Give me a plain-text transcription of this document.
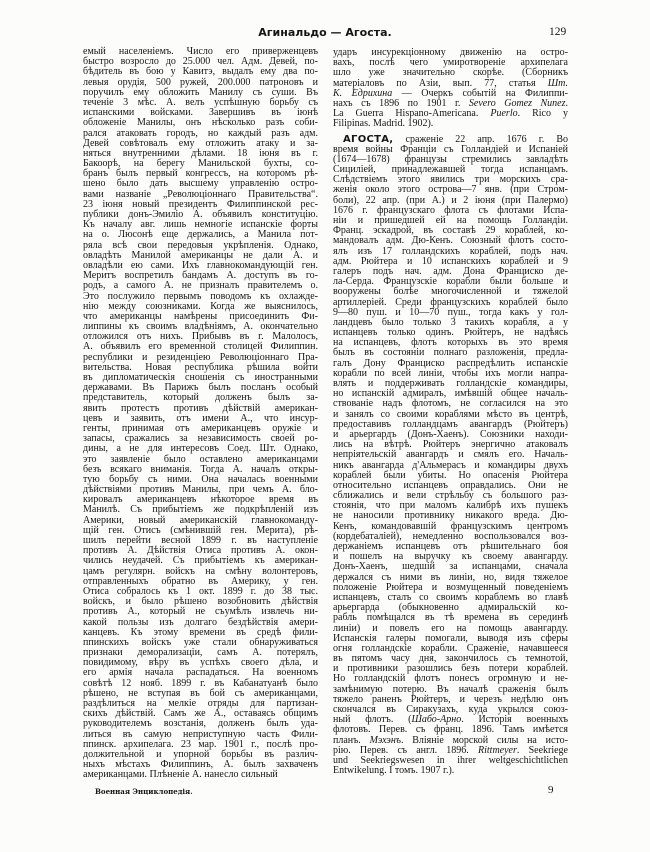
Агинальдо — Агоста.	129
емый населеніемъ. Число его приверженцевъ
быстро возросло до 25.000 чел. Адм. Девей, по-
бѣдитель въ бою у Кавитэ, выдалъ ему два по-
левыя орудія, 500 ружей, 200.000 патроновъ и
поручилъ ему обложить Манилу съ суши. Въ
теченіе 3 мѣс. А. велъ успѣшную борьбу съ
испанскими войсками. Завершивъ въ іюнѣ
обложеніе Манилы, онъ нѣсколько разъ соби-
рался атаковать городъ, но каждый разъ адм.
Девей совѣтовалъ ему отложить атаку и за-
няться внутренними дѣлами. 18 іюня въ г.
Бакоорѣ, на берегу Манильской бухты, со-
бранъ былъ первый конгрессъ, на которомъ рѣ-
шено было дать высшему управленію остро-
вами названіе „Революціоннаго Правительства“.
23 іюня новый президентъ Филиппинской рес-
публики донъ-Эмиліо А. объявилъ конституцію.
Къ началу авг. лишь немногіе испанскіе форты
на о. Люсонѣ еще держались, а Манила пот-
ряла всѣ свои передовыя укрѣпленія. Однако,
овладѣть Манилой американцы не дали А. и
овладѣли ею сами. Ихъ главнокомандующій ген.
Меритъ воспретилъ бандамъ А. доступъ въ го-
родъ, а самого А. не призналъ правителемъ о.
Это послужило первымъ поводомъ къ охлажде-
нію между союзниками. Когда же выяснилось,
что американцы намѣрены присоединить Фи-
липпины къ своимъ владѣніямъ, А. окончательно
отложился отъ нихъ. Прибывъ въ г. Малолосъ,
А. объявилъ его временной столицей Филиппин.
республики и резиденціею Революціоннаго Пра-
вительства. Новая республика рѣшила войти
въ дипломатическія сношенія съ иностранными
державами. Въ Парижъ былъ посланъ особый
представитель, который долженъ былъ за-
явить протестъ противъ дѣйствій американ-
цевъ и заявить, отъ имени А., что инсур-
генты, принимая отъ американцевъ оружіе и
запасы, сражались за независимость своей ро-
дины, а не для интересовъ Соед. Шт. Однако,
это заявленіе было оставлено американцами
безъ всякаго вниманія. Тогда А. началъ откры-
тую борьбу съ ними. Она началась военными
дѣйствіями противъ Манилы, при чемъ А. бло-
кировалъ американцевъ нѣкоторое время въ
Манилѣ. Съ прибытіемъ же подкрѣпленій изъ
Америки, новый американскій главнокоманду-
щій ген. Отисъ (смѣнившій ген. Мерита), рѣ-
шилъ перейти весной 1899 г. въ наступленіе
противъ А. Дѣйствія Отиса противъ А. окон-
чились неудачей. Съ прибытіемъ къ американ-
цамъ регулярн. войскъ на смѣну волонтеровъ,
отправленныхъ обратно въ Америку, у ген.
Отиса собралось къ 1 окт. 1899 г. до 38 тыс.
войскъ, и было рѣшено возобновить дѣйствія
противъ А., который не съумѣлъ извлечь ни-
какой пользы изъ долгаго бездѣйствія амери-
канцевъ. Къ этому времени въ средѣ фили-
ппинскихъ войскъ уже стали обнаруживаться
признаки деморализаціи, самъ А. потерялъ,
повидимому, вѣру въ успѣхъ своего дѣла, и
его армія начала распадаться. На военномъ
совѣтѣ 12 нояб. 1899 г. въ Кабанатуанѣ было
рѣшено, не вступая въ бой съ американцами,
раздѣлиться на мелкіе отряды для партизан-
скихъ дѣйствій. Самъ же А., оставаясь общимъ
руководителемъ возстанія, долженъ былъ уда-
литься въ самую неприступную часть Фили-
ппинск. архипелага. 23 мар. 1901 г., послѣ про-
должительной и упорной борьбы въ различ-
ныхъ мѣстахъ Филиппинъ, А. былъ захваченъ
американцами. Плѣненіе А. нанесло сильный
ударъ инсурекціонному движенію на остро-
вахъ, послѣ чего умиротвореніе архипелага
шло уже значительно скорѣе. (Сборникъ
матеріаловъ по Азіи, вып. 77, статья Шт.
К. Едрихина — Очеркъ событій на Филиппи-
нахъ съ 1896 по 1901 г. Severo Gomez Nunez.
La Guerra Hispano-Americana. Puerlo. Rico y
Filipinas. Madrid. 1902).
АГОСТА, сраженіе 22 апр. 1676 г. Во
время войны Франціи съ Голландіей и Испаніей
(1674—1678) французы стремились завладѣть
Сициліей, принадлежавшей тогда испанцамъ.
Слѣдствіемъ этого явились три морскихъ сра-
женія около этого острова—7 янв. (при Стром-
боли), 22 апр. (при А.) и 2 іюня (при Палермо)
1676 г. французскаго флота съ флотами Испа-
ніи и пришедшей ей на помощь Голландіи.
Франц. эскадрой, въ составѣ 29 кораблей, ко-
мандовалъ адм. Дю-Кенъ. Союзный флотъ состо-
ялъ изъ 17 голландскихъ кораблей, подъ нач.
адм. Рюйтера и 10 испанскихъ кораблей и 9
галеръ подъ нач. адм. Дона Франциско де-
ла-Серда. Французскіе корабли были больше и
вооружены болѣе многочисленной и тяжелой
артиллеріей. Среди французскихъ кораблей было
9—80 пуш. и 10—70 пуш., тогда какъ у гол-
ландцевъ было только 3 такихъ корабля, а у
испанцевъ только одинъ. Рюйтеръ, не надѣясь
на испанцевъ, флотъ которыхъ въ это время
былъ въ состояніи полнаго разложенія, предла-
галъ Дону Франциско распредѣлить испанскіе
корабли по всей линіи, чтобы ихъ могли напра-
влять и поддерживать голландскіе командиры,
но испанскій адмиралъ, имѣвшій общее началь-
ствованіе надъ флотомъ, не согласился на это
и занялъ со своими кораблями мѣсто въ центрѣ,
предоставивъ голландцамъ авангардъ (Рюйтеръ)
и арьергардъ (Донъ-Хаенъ). Союзники находи-
лись на вѣтрѣ. Рюйтеръ энергично атаковалъ
непріятельскій авангардъ и смялъ его. Началь-
никъ авангарда д'Альмерасъ и командиры двухъ
кораблей были убиты. Но опасенія Рюйтера
относительно испанцевъ оправдались. Они не
сближались и вели стрѣльбу съ большого раз-
стоянія, что при маломъ калибрѣ ихъ пушекъ
не наносили противнику никакого вреда. Дю-
Кенъ, командовавшій французскимъ центромъ
(кордебаталіей), немедленно воспользовался воз-
держаніемъ испанцевъ отъ рѣшительнаго боя
и пошелъ на выручку къ своему авангарду.
Донъ-Хаенъ, шедшій за испанцами, сначала
держался съ ними въ линіи, но, видя тяжелое
положеніе Рюйтера и возмущенный поведеніемъ
испанцевъ, сталъ со своимъ кораблемъ во главѣ
арьергарда (обыкновенно адмиральскій ко-
рабль помѣщался въ тѣ времена въ серединѣ
линіи) и повелъ его на помощь авангарду.
Испанскія галеры помогали, выводя изъ сферы
огня голландскіе корабли. Сраженіе, начавшееся
въ пятомъ часу дня, закончилось съ темнотой,
и противники разошлись безъ потери кораблей.
Но голландскій флотъ понесъ огромную и не-
замѣнимую потерю. Въ началѣ сраженія былъ
тяжело раненъ Рюйтеръ, и черезъ недѣлю онъ
скончался въ Сиракузахъ, куда укрылся союз-
ный флотъ. (Шабо-Арно. Исторія военныхъ
флотовъ. Перев. съ франц. 1896. Тамъ имѣется
планъ. Мэхэнъ. Вліяніе морской силы на исто-
рію. Перев. съ англ. 1896. Rittmeyer. Seekriege
und Seekriegswesen in ihrer weltgeschichtlichen
Entwikelung. I томъ. 1907 г.).
Военная Энциклопедія.	9
